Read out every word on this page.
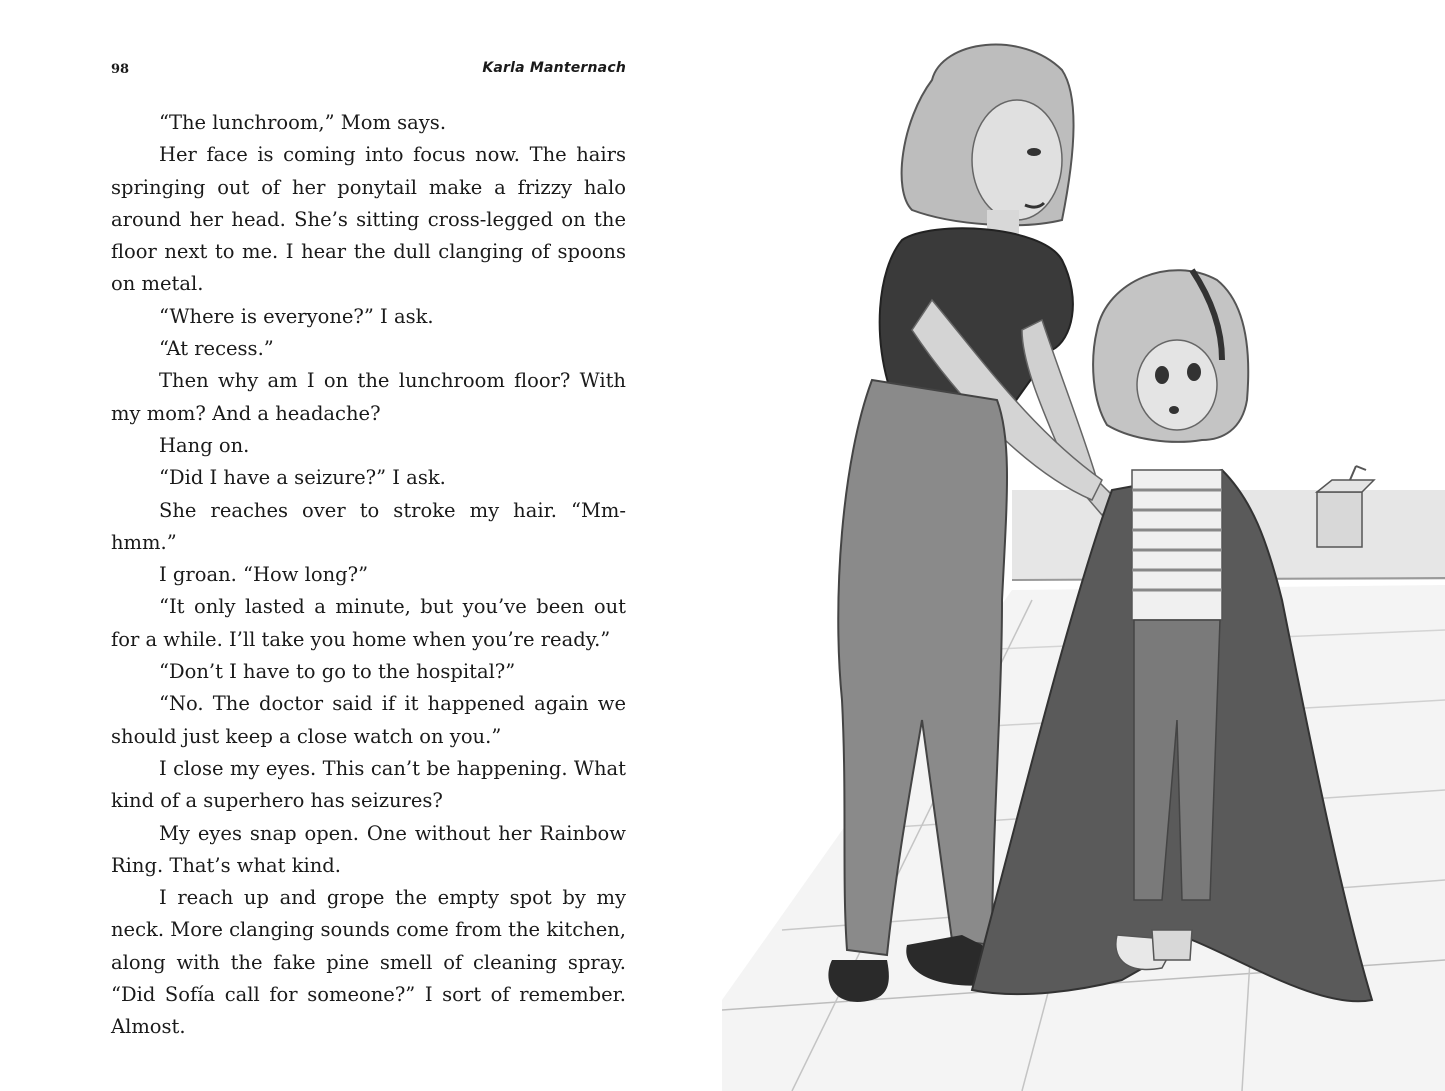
98	Karla Manternach

“The lunchroom,” Mom says.

Her face is coming into focus now. The hairs springing out of her ponytail make a frizzy halo around her head. She’s sitting cross-legged on the floor next to me. I hear the dull clanging of spoons on metal.

“Where is everyone?” I ask.

“At recess.”

Then why am I on the lunchroom floor? With my mom? And a headache?

Hang on.

“Did I have a seizure?” I ask.

She reaches over to stroke my hair. “Mm-hmm.”

I groan. “How long?”

“It only lasted a minute, but you’ve been out for a while. I’ll take you home when you’re ready.”

“Don’t I have to go to the hospital?”

“No. The doctor said if it happened again we should just keep a close watch on you.”

I close my eyes. This can’t be happening. What kind of a superhero has seizures?

My eyes snap open. One without her Rainbow Ring. That’s what kind.

I reach up and grope the empty spot by my neck. More clanging sounds come from the kitchen, along with the fake pine smell of cleaning spray. “Did Sofía call for someone?” I sort of remember. Almost.
